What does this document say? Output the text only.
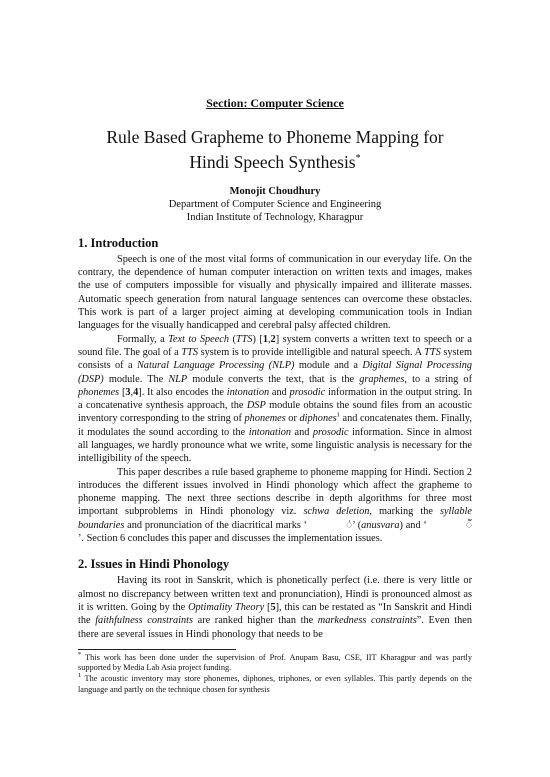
Section: Computer Science
Rule Based Grapheme to Phoneme Mapping for
Hindi Speech Synthesis*
Monojit Choudhury
Department of Computer Science and Engineering
Indian Institute of Technology, Kharagpur
1. Introduction

Speech is one of the most vital forms of communication in our everyday life. On the contrary, the dependence of human computer interaction on written texts and images, makes the use of computers impossible for visually and physically impaired and illiterate masses. Automatic speech generation from natural language sentences can overcome these obstacles. This work is part of a larger project aiming at developing communication tools in Indian languages for the visually handicapped and cerebral palsy affected children.

Formally, a Text to Speech (TTS) [1,2] system converts a written text to speech or a sound file. The goal of a TTS system is to provide intelligible and natural speech. A TTS system consists of a Natural Language Processing (NLP) module and a Digital Signal Processing (DSP) module. The NLP module converts the text, that is the graphemes, to a string of phonemes [3,4]. It also encodes the intonation and prosodic information in the output string. In a concatenative synthesis approach, the DSP module obtains the sound files from an acoustic inventory corresponding to the string of phonemes or diphones$^1$ and concatenates them. Finally, it modulates the sound according to the intonation and prosodic information. Since in almost all languages, we hardly pronounce what we write, some linguistic analysis is necessary for the intelligibility of the speech.

This paper describes a rule based grapheme to phoneme mapping for Hindi. Section 2 introduces the different issues involved in Hindi phonology which affect the grapheme to phoneme mapping. The next three sections describe in depth algorithms for three most important subproblems in Hindi phonology viz. schwa deletion, marking the syllable boundaries and pronunciation of the diacritical marks ‘	ं’ (anusvara) and ‘	ँ’. Section 6 concludes this paper and discusses the implementation issues.

2. Issues in Hindi Phonology

Having its root in Sanskrit, which is phonetically perfect (i.e. there is very little or almost no discrepancy between written text and pronunciation), Hindi is pronounced almost as it is written. Going by the Optimality Theory [5], this can be restated as “In Sanskrit and Hindi the faithfulness constraints are ranked higher than the markedness constraints”. Even then there are several issues in Hindi phonology that needs to be

* This work has been done under the supervision of Prof. Anupam Basu, CSE, IIT Kharagpur and was partly supported by Media Lab Asia project funding.

$^1$ The acoustic inventory may store phonemes, diphones, triphones, or even syllables. This partly depends on the language and partly on the technique chosen for synthesis
